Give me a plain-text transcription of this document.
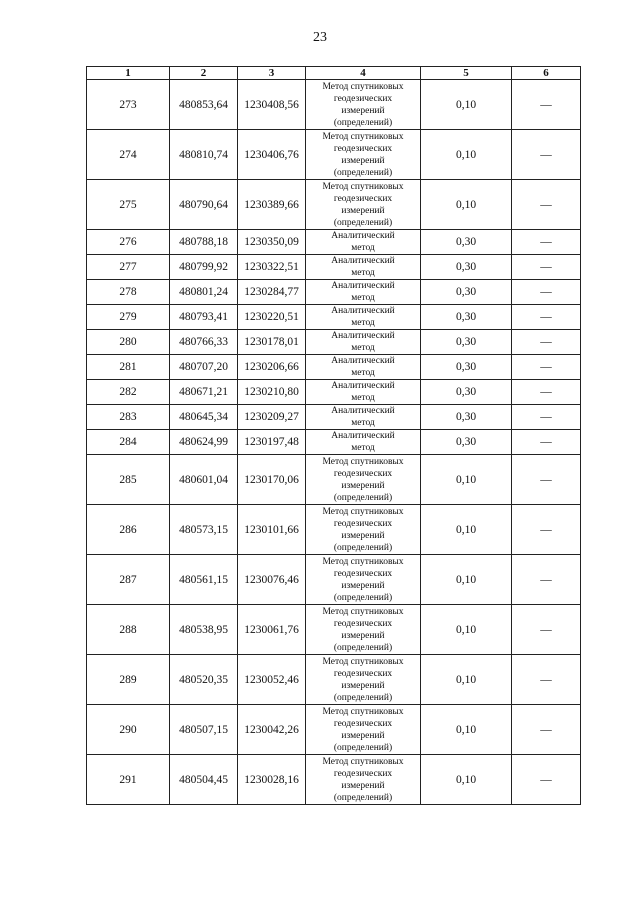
23
1	2	3	4	5	6
273	480853,64	1230408,56	Метод спутниковых
геодезических
измерений
(определений)	0,10	—
274	480810,74	1230406,76	Метод спутниковых
геодезических
измерений
(определений)	0,10	—
275	480790,64	1230389,66	Метод спутниковых
геодезических
измерений
(определений)	0,10	—
276	480788,18	1230350,09	Аналитический
метод	0,30	—
277	480799,92	1230322,51	Аналитический
метод	0,30	—
278	480801,24	1230284,77	Аналитический
метод	0,30	—
279	480793,41	1230220,51	Аналитический
метод	0,30	—
280	480766,33	1230178,01	Аналитический
метод	0,30	—
281	480707,20	1230206,66	Аналитический
метод	0,30	—
282	480671,21	1230210,80	Аналитический
метод	0,30	—
283	480645,34	1230209,27	Аналитический
метод	0,30	—
284	480624,99	1230197,48	Аналитический
метод	0,30	—
285	480601,04	1230170,06	Метод спутниковых
геодезических
измерений
(определений)	0,10	—
286	480573,15	1230101,66	Метод спутниковых
геодезических
измерений
(определений)	0,10	—
287	480561,15	1230076,46	Метод спутниковых
геодезических
измерений
(определений)	0,10	—
288	480538,95	1230061,76	Метод спутниковых
геодезических
измерений
(определений)	0,10	—
289	480520,35	1230052,46	Метод спутниковых
геодезических
измерений
(определений)	0,10	—
290	480507,15	1230042,26	Метод спутниковых
геодезических
измерений
(определений)	0,10	—
291	480504,45	1230028,16	Метод спутниковых
геодезических
измерений
(определений)	0,10	—
